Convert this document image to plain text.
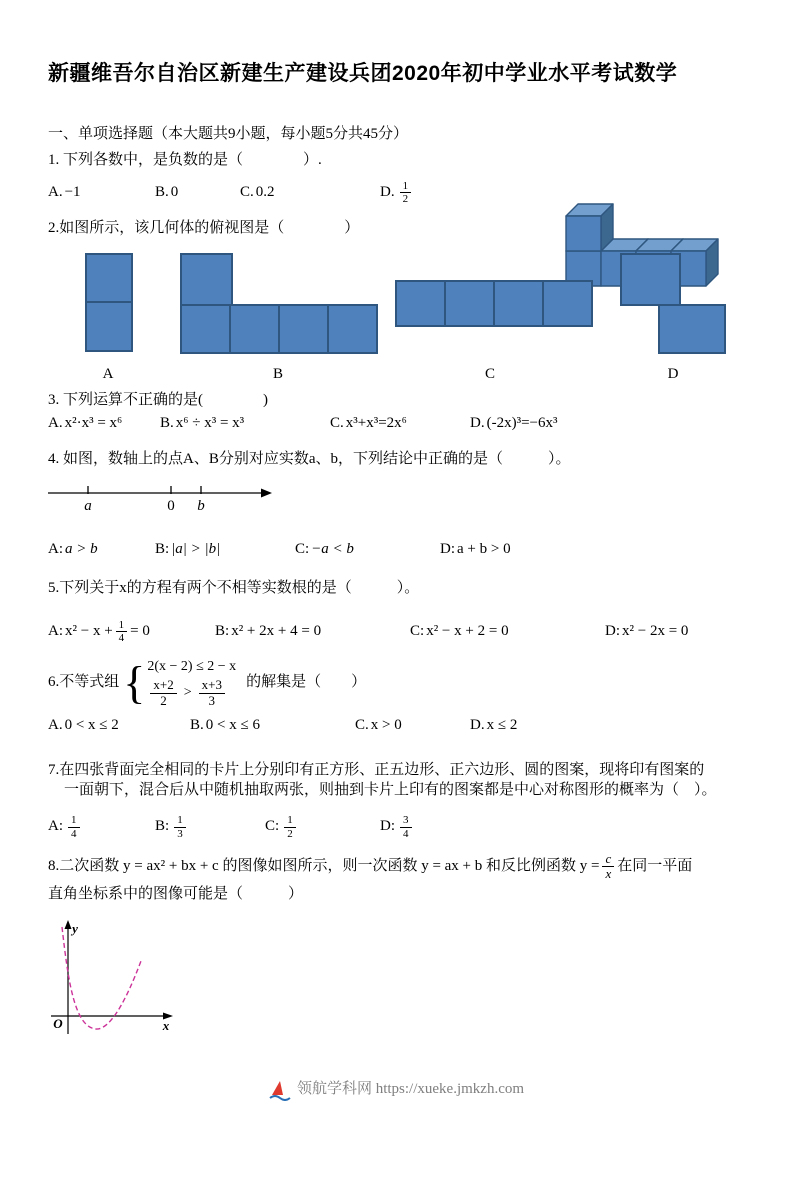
新疆维吾尔自治区新建生产建设兵团2020年初中学业水平考试数学
一、单项选择题（本大题共9小题，每小题5分共45分）
1. 下列各数中，是负数的是（　　　　）.
A. −1	B. 0	C. 0.2	D. $\frac{1}{2}$
2.如图所示，该几何体的俯视图是（　　　　）
A	B	C	D
3. 下列运算不正确的是(　　　　)
A. x²·x³ = x⁶	B. x⁶ ÷ x³ = x³	C. x³+x³=2x⁶	D. (-2x)³=−6x³
4. 如图，数轴上的点A、B分别对应实数a、b，下列结论中正确的是（　　　）。
a	0 b
A: a > b	B: |a| > |b|	C: −a < b	D: a + b > 0
5.下列关于x的方程有两个不相等实数根的是（　　　）。
A: $x^2 - x + \frac{1}{4} = 0$	B: x² + 2x + 4 = 0	C: x² − x + 2 = 0	D: x² − 2x = 0
6.不等式组 { 2(x − 2) ≤ 2 − x
$\frac{x+2}{2} > \frac{x+3}{3}$ 的解集是（　　）
A. 0 < x ≤ 2	B. 0 < x ≤ 6	C. x > 0	D. x ≤ 2
7.在四张背面完全相同的卡片上分别印有正方形、正五边形、正六边形、圆的图案，现将印有图案的
一面朝下，混合后从中随机抽取两张，则抽到卡片上印有的图案都是中心对称图形的概率为（　）。
A: $\frac{1}{4}$	B: $\frac{1}{3}$	C: $\frac{1}{2}$	D: $\frac{3}{4}$
8.二次函数 y = ax² + bx + c 的图像如图所示，则一次函数 y = ax + b 和反比例函数 $y = \frac{c}{x}$ 在同一平面
直角坐标系中的图像可能是（　　　）
y
x
O
领航学科网 https://xueke.jmkzh.com
